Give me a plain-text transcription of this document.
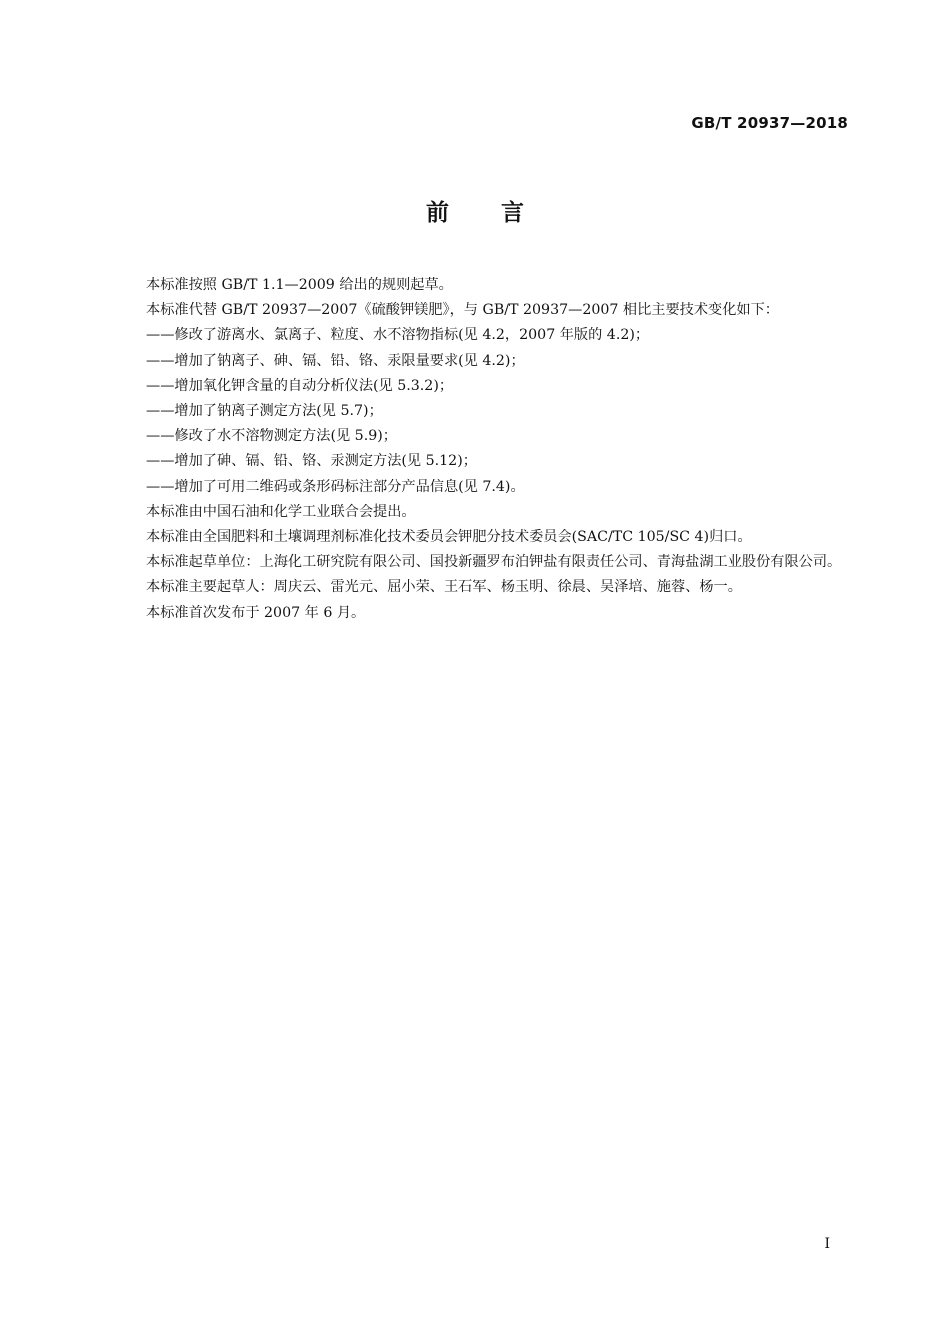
GB/T 20937—2018
前 言

本标准按照 GB/T 1.1—2009 给出的规则起草。

本标准代替 GB/T 20937—2007《硫酸钾镁肥》，与 GB/T 20937—2007 相比主要技术变化如下：

——修改了游离水、氯离子、粒度、水不溶物指标(见 4.2，2007 年版的 4.2)；

——增加了钠离子、砷、镉、铅、铬、汞限量要求(见 4.2)；

——增加氧化钾含量的自动分析仪法(见 5.3.2)；

——增加了钠离子测定方法(见 5.7)；

——修改了水不溶物测定方法(见 5.9)；

——增加了砷、镉、铅、铬、汞测定方法(见 5.12)；

——增加了可用二维码或条形码标注部分产品信息(见 7.4)。

本标准由中国石油和化学工业联合会提出。

本标准由全国肥料和土壤调理剂标准化技术委员会钾肥分技术委员会(SAC/TC 105/SC 4)归口。

本标准起草单位：上海化工研究院有限公司、国投新疆罗布泊钾盐有限责任公司、青海盐湖工业股份有限公司。

本标准主要起草人：周庆云、雷光元、屈小荣、王石军、杨玉明、徐晨、吴泽培、施蓉、杨一。

本标准首次发布于 2007 年 6 月。

I
